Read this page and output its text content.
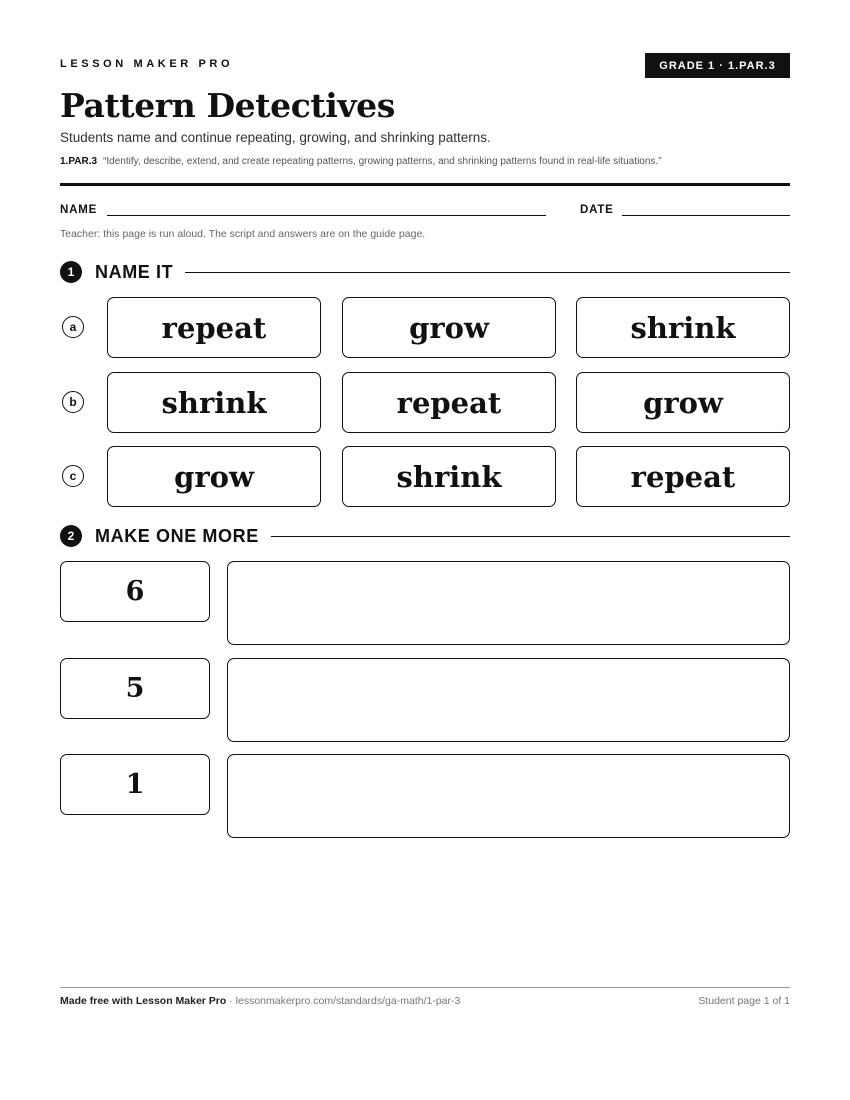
LESSON MAKER PRO	GRADE 1 · 1.PAR.3
Pattern Detectives
Students name and continue repeating, growing, and shrinking patterns.
1.PAR.3 “Identify, describe, extend, and create repeating patterns, growing patterns, and shrinking patterns found in real-life situations.”
NAME	DATE
Teacher: this page is run aloud. The script and answers are on the guide page.
1	NAME IT
a	repeat	grow	shrink
b	shrink	repeat	grow
c	grow	shrink	repeat
2	MAKE ONE MORE
6
5
1
Made free with Lesson Maker Pro · lessonmakerpro.com/standards/ga-math/1-par-3	Student page 1 of 1
